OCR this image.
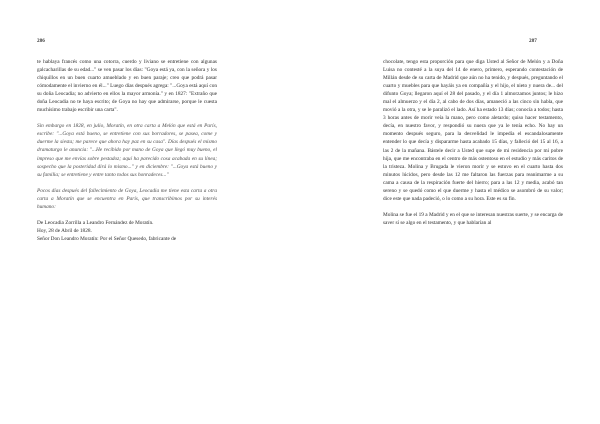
286

te hablaya francés como una cotorra, cuerdo y liviano se entretiene con algunas galcacharillas de su edad..." se ven pasar los días: "Goya está ya, con la señora y los chiquillos en un buen cuarto amueblado y en buen paraje; creo que podrá pasar cómodamente el invierno en él..." Luego días después agrega: "...Goya está aquí con su doña Leocadia; no advierto en ellos la mayor armonía." y en 1827: "Extraño que doña Leocadia no te haya escrito; de Goya no hay que admirarse, porque le cuesta muchísimo trabajo escribir una carta".

Sin embargo en 1828, en julio, Moratín, en otra carta a Melón que está en París, escribe: "...Goya está bueno, se entretiene con sus borradores, se pasea, come y duerme la siesta; me parece que ahora hay paz en su casa". Días después el mismo dramaturgo le anuncia: "...He recibido por mano de Goya que llegó muy bueno, el impreso que me envías sobre pestadoz; aquí ha parecido cosa acabada en su línea; sospecho que la posteridad dirá lo mismo..." y en diciembre: "...Goya está bueno y su familia; se entretiene y entre tanto todos sus honradeces..."

Pocos días después del fallecimiento de Goya, Leocadia me tiene esta carta a otra carta a Moratín que se encuentra en París, que transcribimos por su interés humano:

De Leocadia Zorrilla a Leandro Fernández de Moratín.
Hoy, 28 de Abril de 1828.
Señor Don Leandro Moratín: Por el Señor Quesedo, fabricante de

287

chocolate, tengo esta proporción para que diga Usted al Señor de Melón y a Doña Luisa no contesté a la suya del 14 de enero, primero, esperando contestación de Millán desde de su carta de Madrid que aún no ha tenido, y después, preguntando el cuarto y muebles para que hayáis ya en compañía y el hijo, el nieto y nuera de... del difunto Goya; llegaron aquí el 28 del pasado, y el día 1 almorzamos juntos; le hizo mal el almuerzo y el día 2, al cabo de dos días, amaneció a las cinco sin habla, que movió a la otra, y se le paralizó el lado. Así ha estado 13 días; conocía a todos; hasta 3 horas antes de morir veía la mano, pero como aletardo; quiso hacer testamento, decía, en nuestro favor, y respondió su nuera que ya le tenía echo. No hay un momento después seguro, para la desvelidad le impedía el escandalosamente entender lo que decía y dispararme hasta acabado 15 días, y falleció del 15 al 16, a las 2 de la mañana. Bástele decir a Usted que supe de mi residencia por mi pobre hija, que me encontraba en el centro de más ostentoso en el estudio y más caritos de la tristeza. Molina y Brugada le vieron morir y se estuvo en el cuarto hasta dos minutos lúcidos, pero desde las 12 me faltaron las fuerzas para reanimarme a su cama a causa de la respiración fuerte del hierro; para a las 12 y media, acabó tan sereno y se quedó como el que duerme y hasta el médico se asombró de su valor; dice este que nada padeció, o lo como a su hora. Este es su fin.

Molina se fue el 19 a Madrid y en el que se interesan nuestras suerte, y se encarga de saver sí se algo en el testamento, y que hablarían al
